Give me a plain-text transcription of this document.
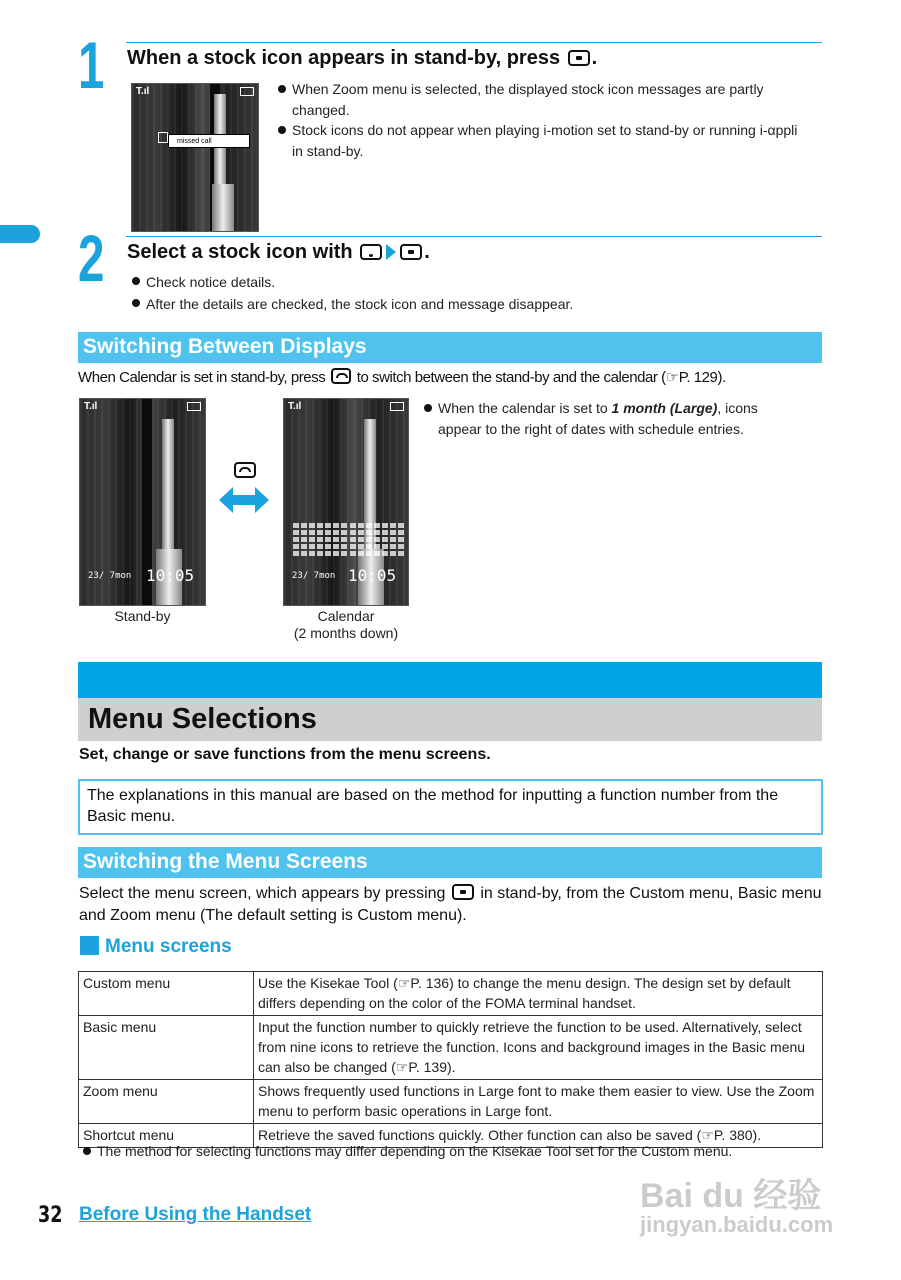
1 When a stock icon appears in stand-by, press .
T.ıl
missed call
When Zoom menu is selected, the displayed stock icon messages are partly changed.
Stock icons do not appear when playing i-motion set to stand-by or running i-αppli in stand-by.
2 Select a stock icon with	.
Check notice details.
After the details are checked, the stock icon and message disappear.
Switching Between Displays
When Calendar is set in stand-by, press to switch between the stand-by and the calendar (☞P. 129).
T.ıl
23/ 7mon 10:05
T.ıl
23/ 7mon 10:05
Stand-by	Calendar
(2 months down)
When the calendar is set to 1 month (Large), icons appear to the right of dates with schedule entries.
Menu Selections
Set, change or save functions from the menu screens.
The explanations in this manual are based on the method for inputting a function number from the Basic menu.
Switching the Menu Screens
Select the menu screen, which appears by pressing in stand-by, from the Custom menu, Basic menu and Zoom menu (The default setting is Custom menu).
Menu screens
Custom menu	Use the Kisekae Tool (☞P. 136) to change the menu design. The design set by default differs depending on the color of the FOMA terminal handset.
Basic menu	Input the function number to quickly retrieve the function to be used. Alternatively, select from nine icons to retrieve the function. Icons and background images in the Basic menu can also be changed (☞P. 139).
Zoom menu	Shows frequently used functions in Large font to make them easier to view. Use the Zoom menu to perform basic operations in Large font.
Shortcut menu	Retrieve the saved functions quickly. Other function can also be saved (☞P. 380).
The method for selecting functions may differ depending on the Kisekae Tool set for the Custom menu.
32 Before Using the Handset	Bai du 经验
jingyan.baidu.com
